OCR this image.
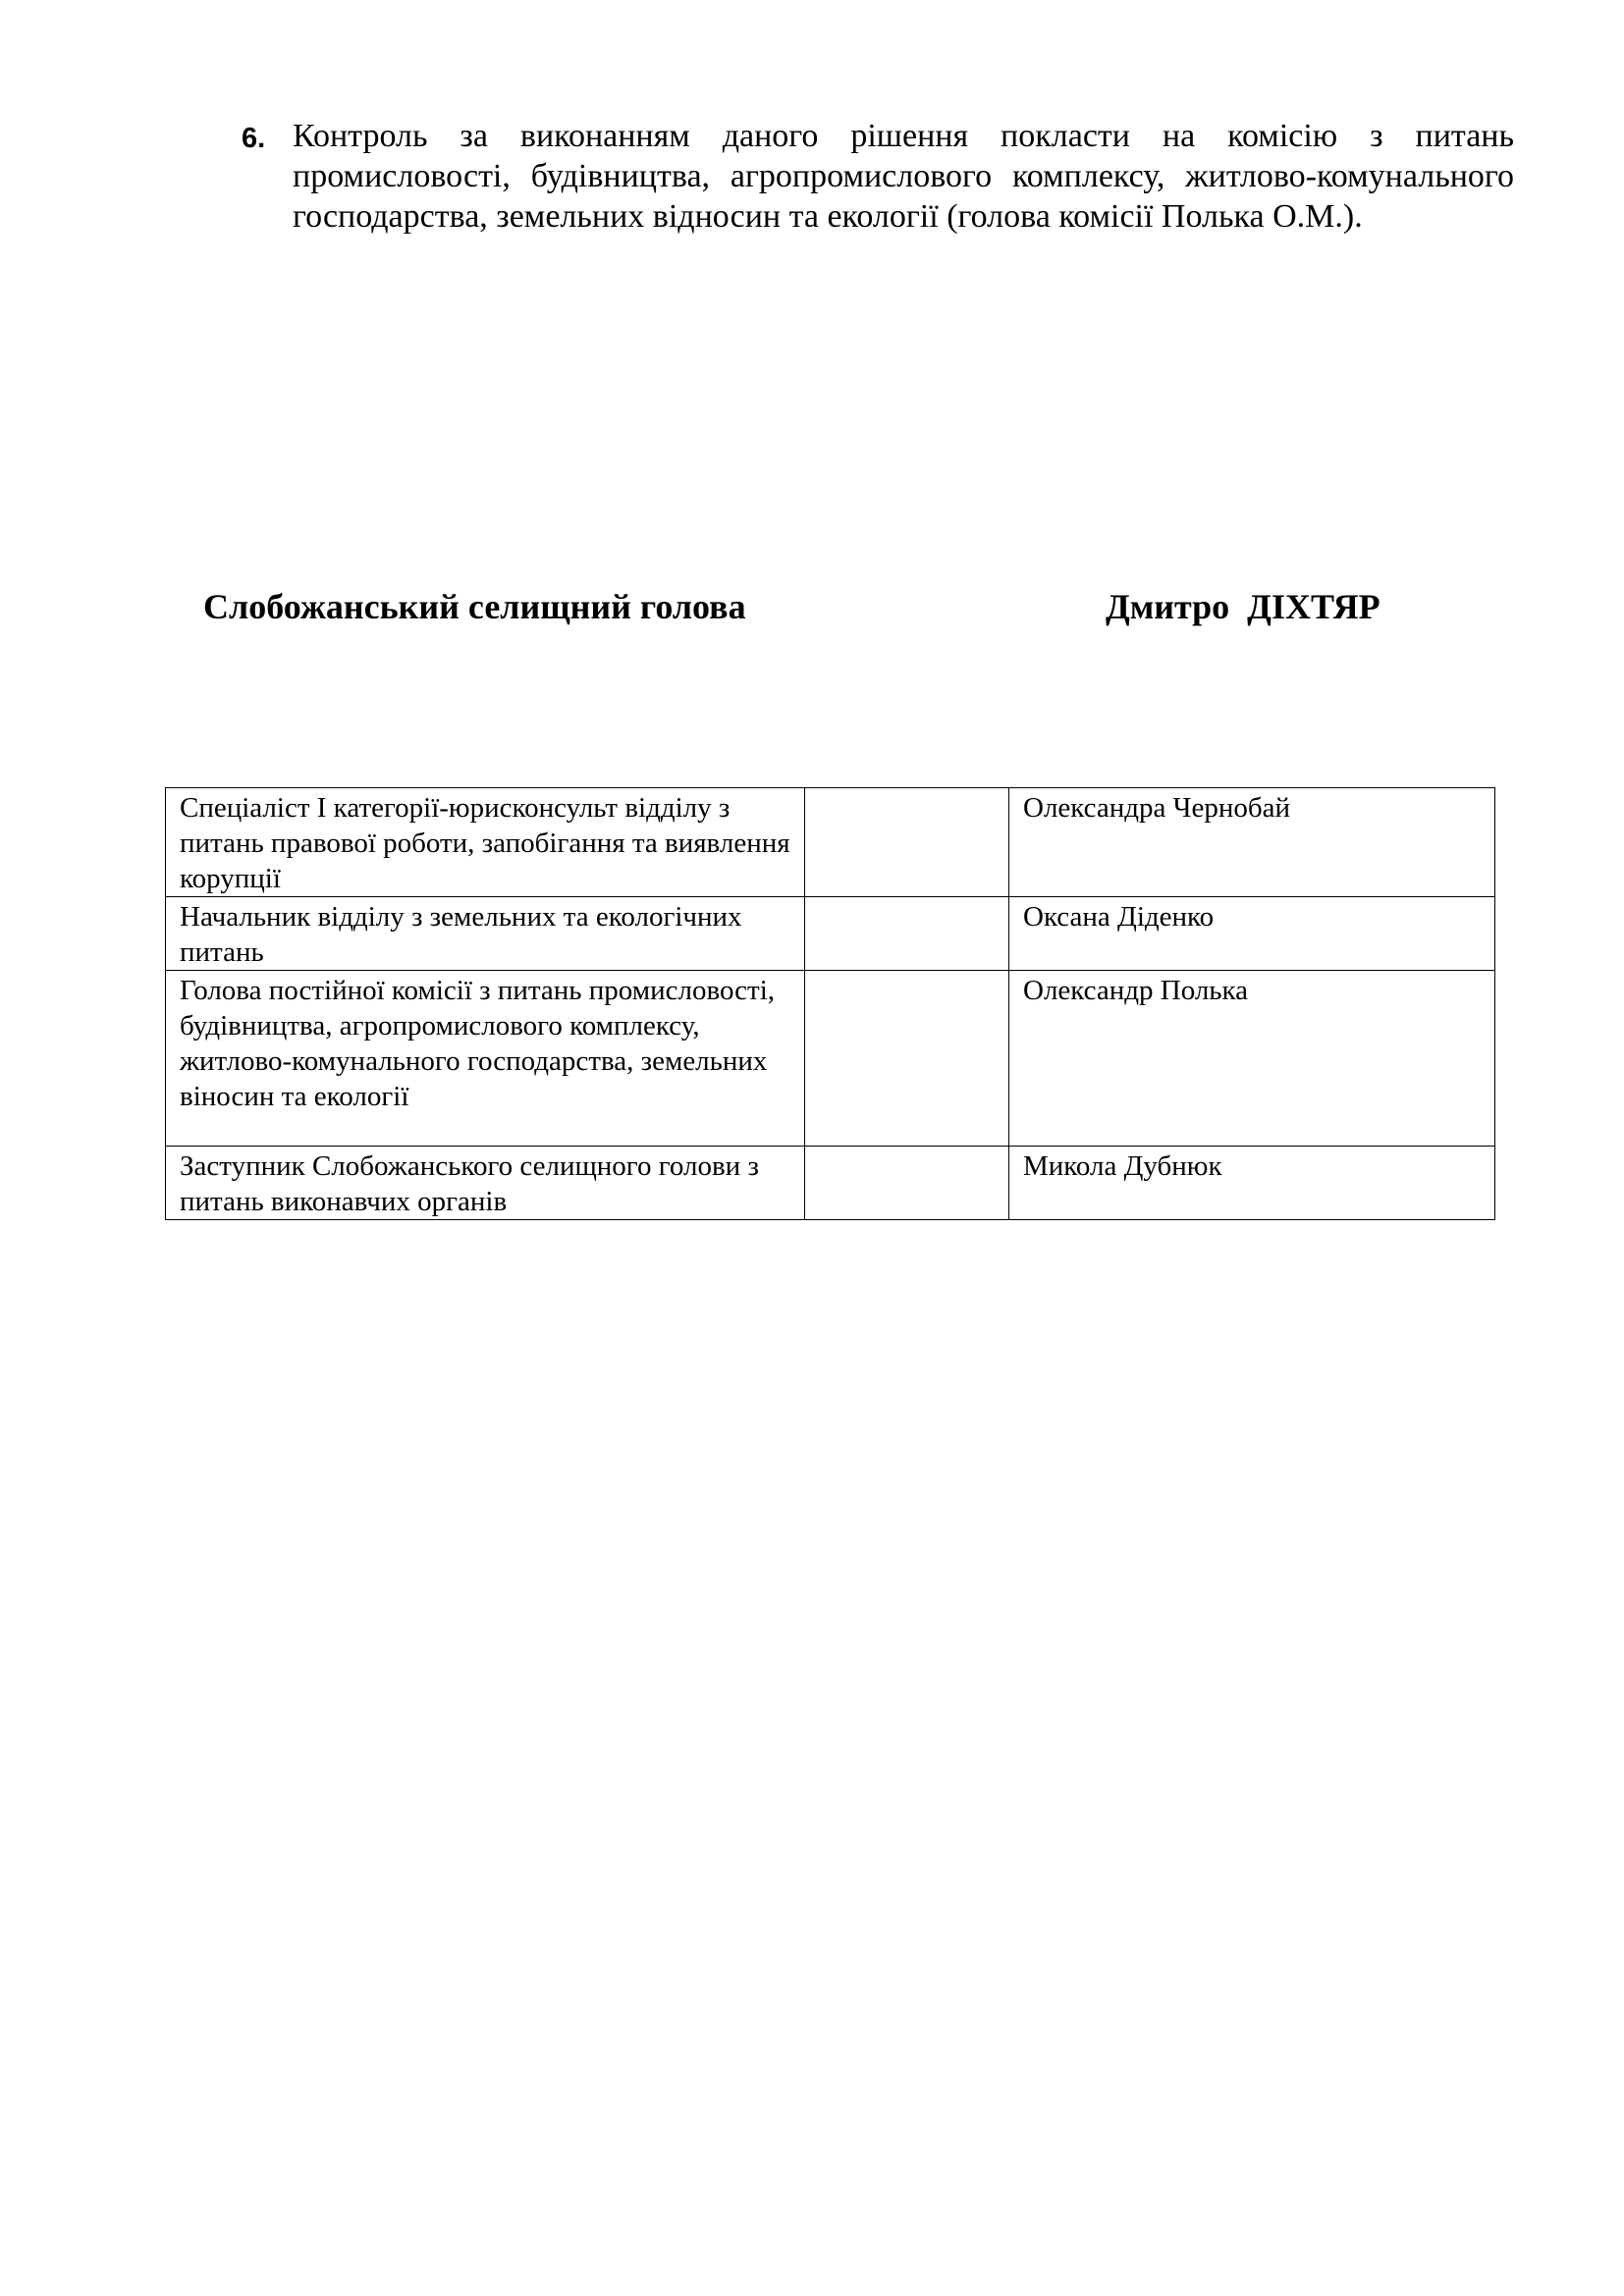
6. Контроль за виконанням даного рішення покласти на комісію з питань промисловості, будівництва, агропромислового комплексу, житлово-комунального господарства, земельних відносин та екології (голова комісії Полька О.М.).
Слобожанський селищний голова	Дмитро  ДІХТЯР
Спеціаліст І категорії-юрисконсульт відділу з питань правової роботи, запобігання та виявлення корупції		Олександра Чернобай

Начальник відділу з земельних та екологічних питань		Оксана Діденко

Голова постійної комісії з питань промисловості, будівництва, агропромислового комплексу, житлово-комунального господарства, земельних віносин та екології		Олександр Полька

Заступник Слобожанського селищного голови з питань виконавчих органів		Микола Дубнюк
